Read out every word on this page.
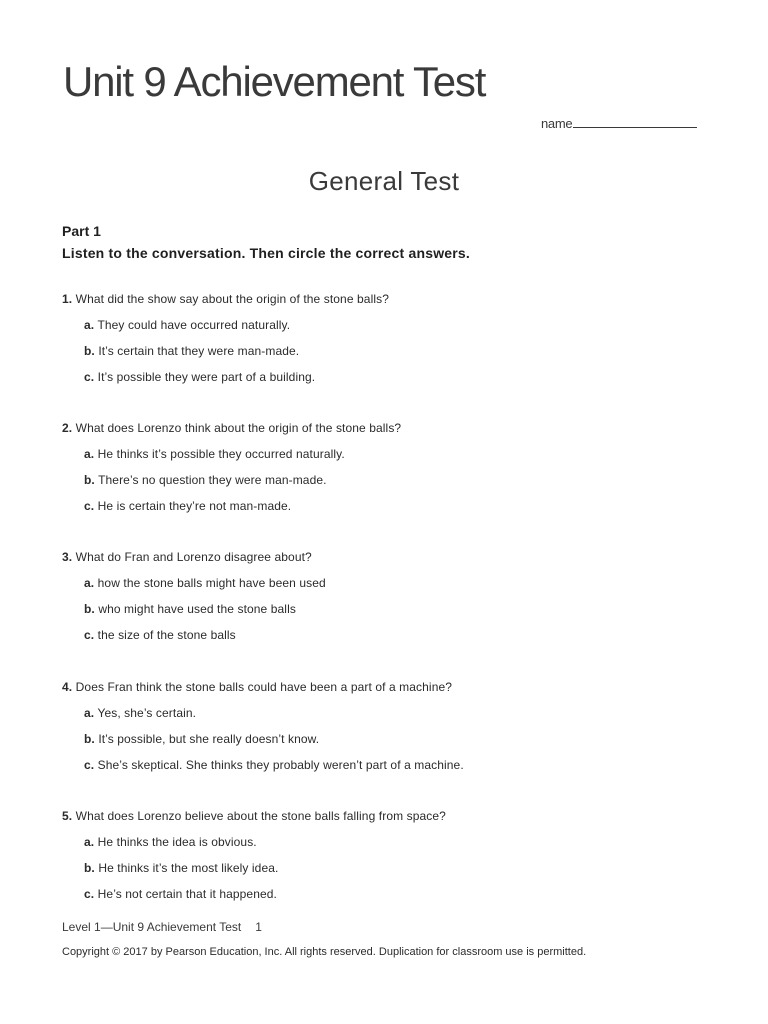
Unit 9 Achievement Test
name
General Test
Part 1
Listen to the conversation. Then circle the correct answers.
1. What did the show say about the origin of the stone balls?
a. They could have occurred naturally.
b. It’s certain that they were man-made.
c. It’s possible they were part of a building.
2. What does Lorenzo think about the origin of the stone balls?
a. He thinks it’s possible they occurred naturally.
b. There’s no question they were man-made.
c. He is certain they’re not man-made.
3. What do Fran and Lorenzo disagree about?
a. how the stone balls might have been used
b. who might have used the stone balls
c. the size of the stone balls
4. Does Fran think the stone balls could have been a part of a machine?
a. Yes, she’s certain.
b. It’s possible, but she really doesn’t know.
c. She’s skeptical. She thinks they probably weren’t part of a machine.
5. What does Lorenzo believe about the stone balls falling from space?
a. He thinks the idea is obvious.
b. He thinks it’s the most likely idea.
c. He’s not certain that it happened.
Level 1—Unit 9 Achievement Test 1
Copyright © 2017 by Pearson Education, Inc. All rights reserved. Duplication for classroom use is permitted.
